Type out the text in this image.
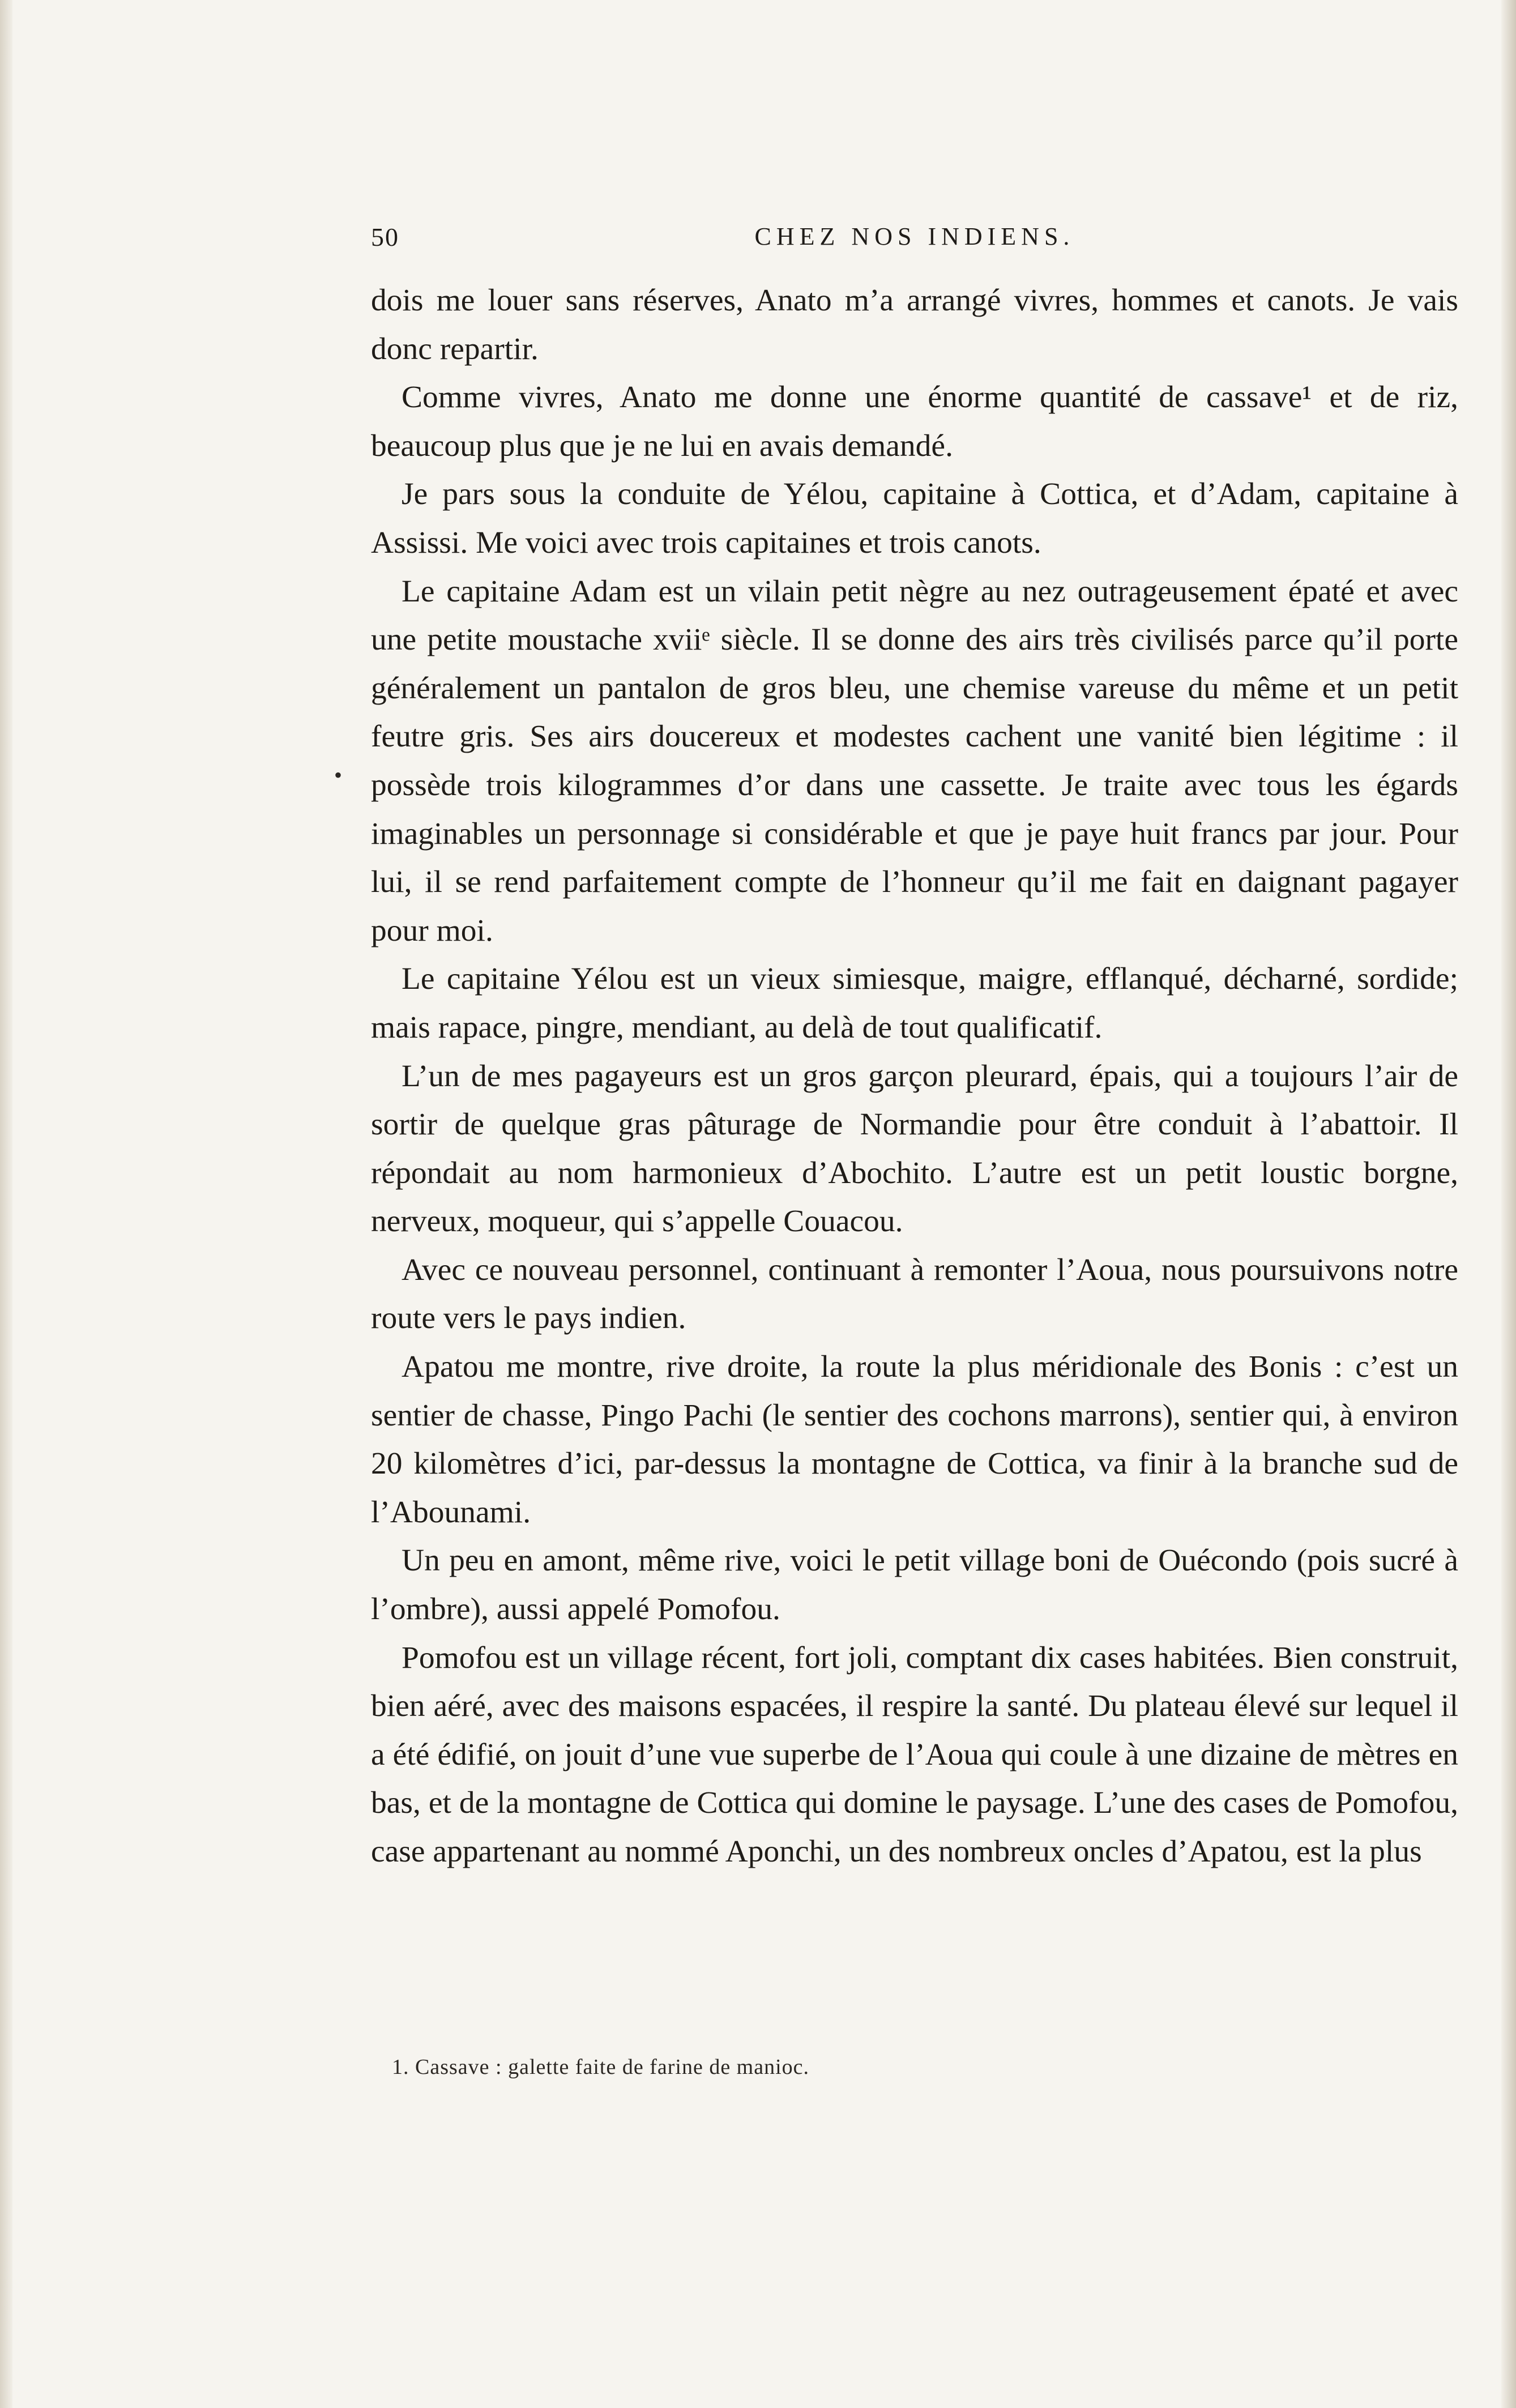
50	CHEZ NOS INDIENS.
•

dois me louer sans réserves, Anato m’a arrangé vivres, hommes et canots. Je vais donc repartir.

Comme vivres, Anato me donne une énorme quantité de cassave¹ et de riz, beaucoup plus que je ne lui en avais demandé.

Je pars sous la conduite de Yélou, capitaine à Cottica, et d’Adam, capitaine à Assissi. Me voici avec trois capitaines et trois canots.

Le capitaine Adam est un vilain petit nègre au nez outrageusement épaté et avec une petite moustache xviiᵉ siècle. Il se donne des airs très civilisés parce qu’il porte généralement un pantalon de gros bleu, une chemise vareuse du même et un petit feutre gris. Ses airs doucereux et modestes cachent une vanité bien légitime : il possède trois kilogrammes d’or dans une cassette. Je traite avec tous les égards imaginables un personnage si considérable et que je paye huit francs par jour. Pour lui, il se rend parfaitement compte de l’honneur qu’il me fait en daignant pagayer pour moi.

Le capitaine Yélou est un vieux simiesque, maigre, efflanqué, décharné, sordide; mais rapace, pingre, mendiant, au delà de tout qualificatif.

L’un de mes pagayeurs est un gros garçon pleurard, épais, qui a toujours l’air de sortir de quelque gras pâturage de Normandie pour être conduit à l’abattoir. Il répondait au nom harmonieux d’Abochito. L’autre est un petit loustic borgne, nerveux, moqueur, qui s’appelle Couacou.

Avec ce nouveau personnel, continuant à remonter l’Aoua, nous poursuivons notre route vers le pays indien.

Apatou me montre, rive droite, la route la plus méridionale des Bonis : c’est un sentier de chasse, Pingo Pachi (le sentier des cochons marrons), sentier qui, à environ 20 kilomètres d’ici, par-dessus la montagne de Cottica, va finir à la branche sud de l’Abounami.

Un peu en amont, même rive, voici le petit village boni de Ouécondo (pois sucré à l’ombre), aussi appelé Pomofou.

Pomofou est un village récent, fort joli, comptant dix cases habitées. Bien construit, bien aéré, avec des maisons espacées, il respire la santé. Du plateau élevé sur lequel il a été édifié, on jouit d’une vue superbe de l’Aoua qui coule à une dizaine de mètres en bas, et de la montagne de Cottica qui domine le paysage. L’une des cases de Pomofou, case appartenant au nommé Aponchi, un des nombreux oncles d’Apatou, est la plus

1. Cassave : galette faite de farine de manioc.
